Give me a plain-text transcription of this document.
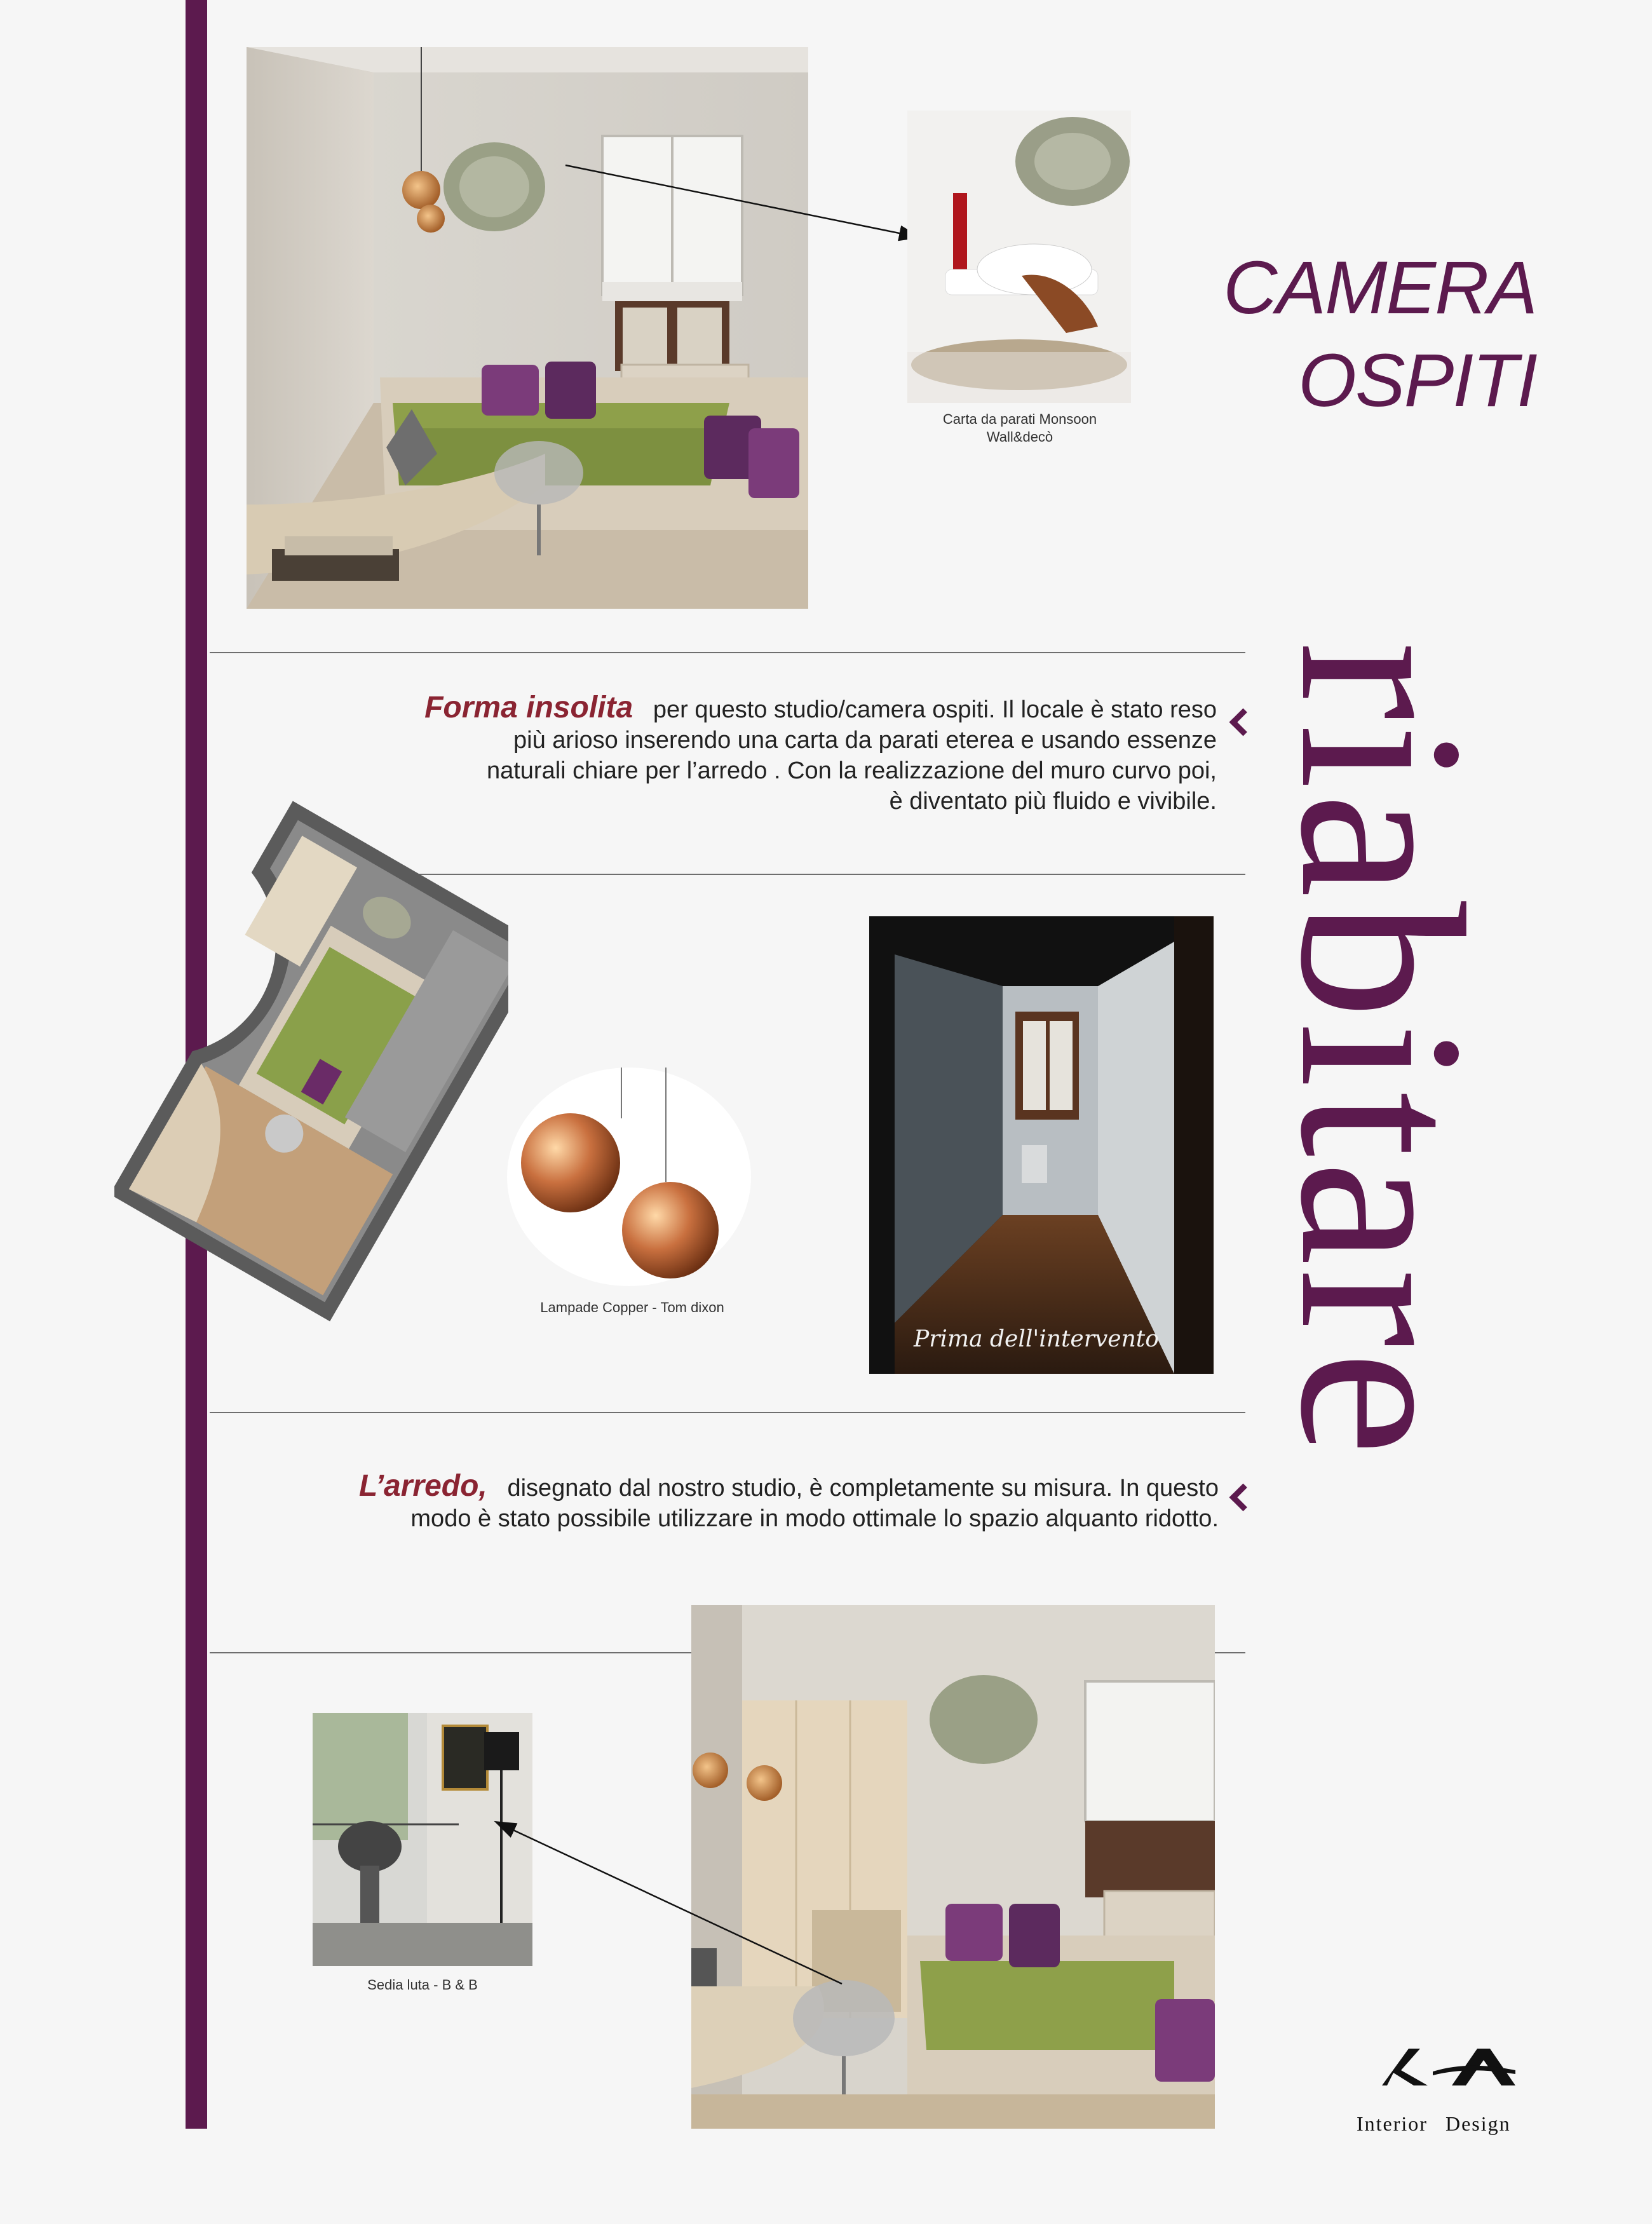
Carta da parati Monsoon
Wall&decò
CAMERA
OSPITI
riabitare
Forma insolita per questo studio/camera ospiti. Il locale è stato reso
più arioso inserendo una carta da parati eterea e usando essenze
naturali chiare per l’arredo . Con la realizzazione del muro curvo poi,
è diventato più fluido e vivibile.
Lampade Copper - Tom dixon
Prima dell'intervento
L’arredo, disegnato dal nostro studio, è completamente su misura. In questo
modo è stato possibile utilizzare in modo ottimale lo spazio alquanto ridotto.
Sedia luta - B & B
Interior Design
